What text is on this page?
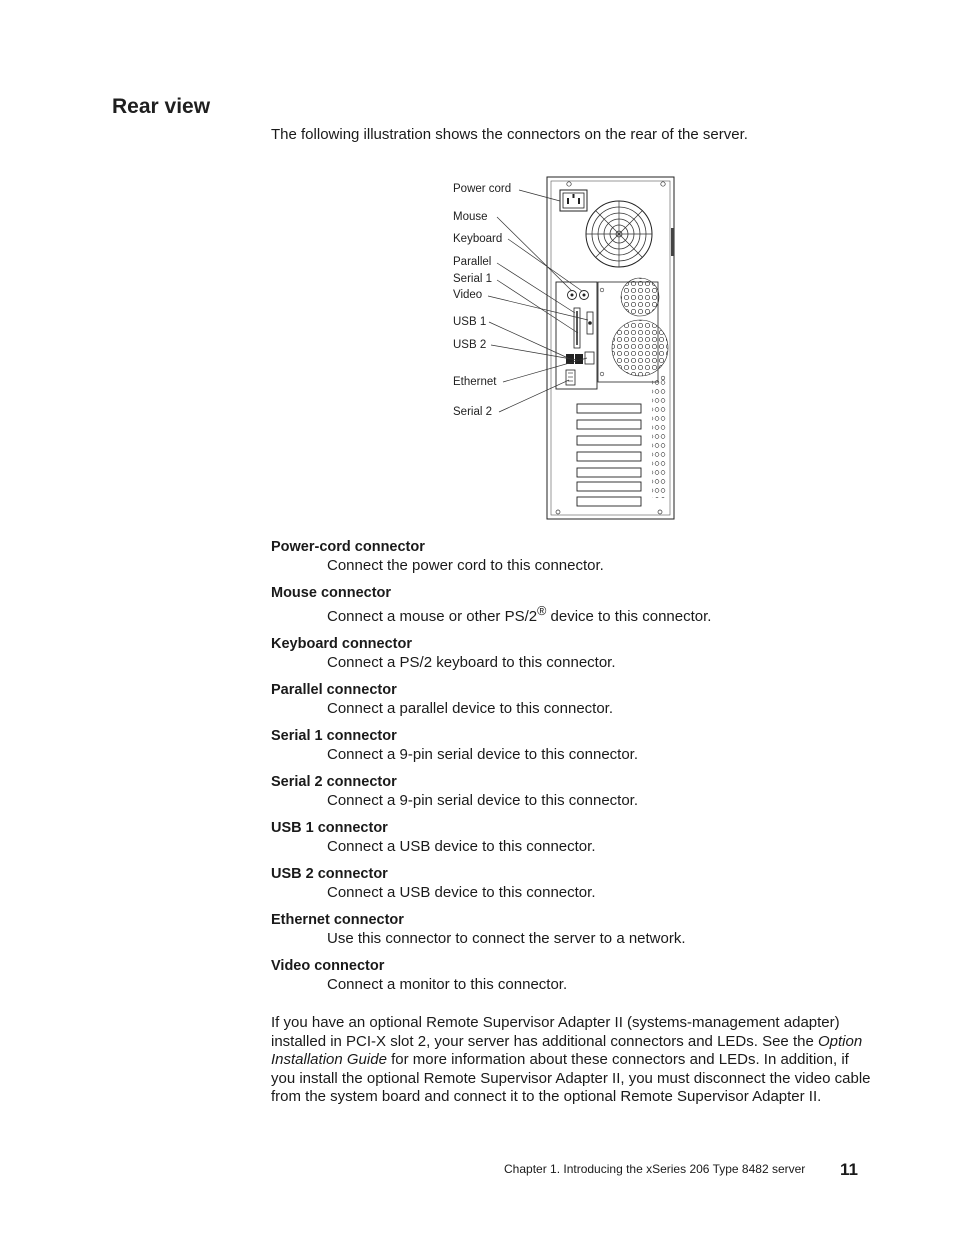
Rear view

The following illustration shows the connectors on the rear of the server.

Power cord
Mouse
Keyboard
Parallel
Serial 1
Video
USB 1
USB 2
Ethernet
Serial 2
Power-cord connector
Connect the power cord to this connector.
Mouse connector
Connect a mouse or other PS/2® device to this connector.
Keyboard connector
Connect a PS/2 keyboard to this connector.
Parallel connector
Connect a parallel device to this connector.
Serial 1 connector
Connect a 9-pin serial device to this connector.
Serial 2 connector
Connect a 9-pin serial device to this connector.
USB 1 connector
Connect a USB device to this connector.
USB 2 connector
Connect a USB device to this connector.
Ethernet connector
Use this connector to connect the server to a network.
Video connector
Connect a monitor to this connector.

If you have an optional Remote Supervisor Adapter II (systems-management adapter) installed in PCI-X slot 2, your server has additional connectors and LEDs. See the Option Installation Guide for more information about these connectors and LEDs. In addition, if you install the optional Remote Supervisor Adapter II, you must disconnect the video cable from the system board and connect it to the optional Remote Supervisor Adapter II.

Chapter 1. Introducing the xSeries 206 Type 8482 server 11
